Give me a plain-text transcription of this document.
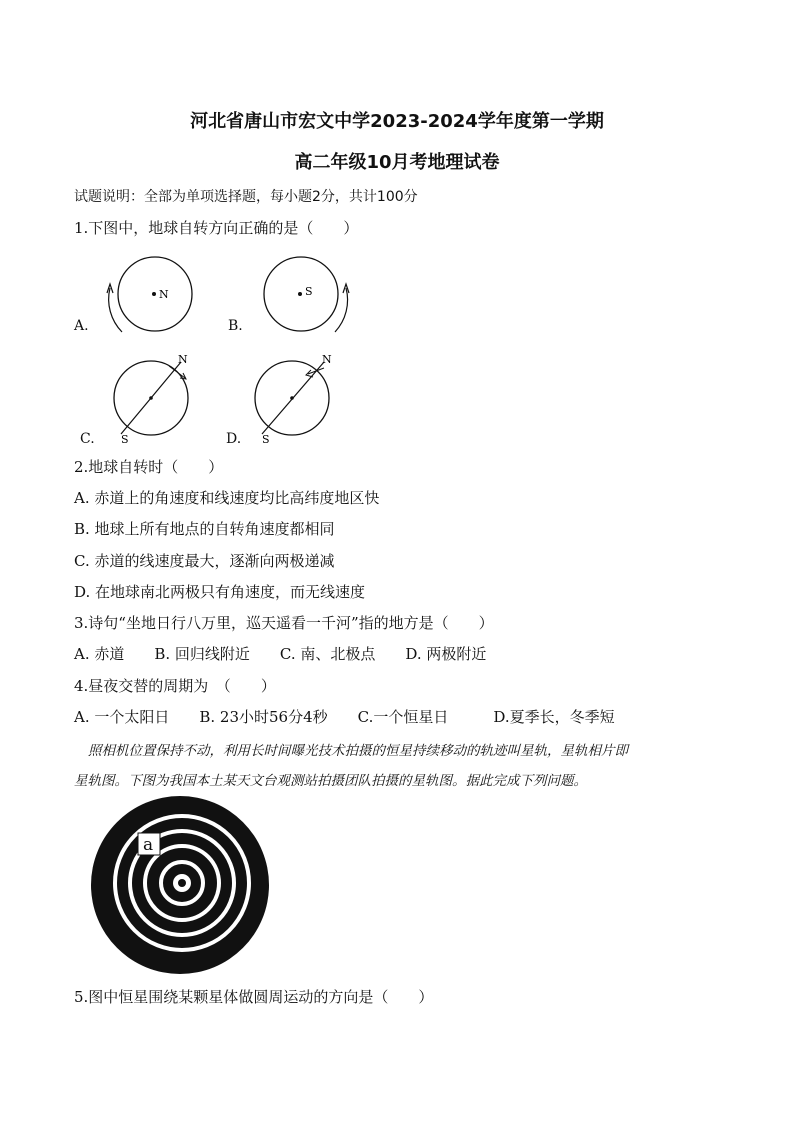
河北省唐山市宏文中学2023-2024学年度第一学期
高二年级10月考地理试卷
试题说明：全部为单项选择题，每小题2分，共计100分
1.下图中，地球自转方向正确的是（　　）
A.	B.
C.	D.
N	S
N
S
N
S
2.地球自转时（　　）
A. 赤道上的角速度和线速度均比高纬度地区快
B. 地球上所有地点的自转角速度都相同
C. 赤道的线速度最大，逐渐向两极递减
D. 在地球南北两极只有角速度，而无线速度
3.诗句“坐地日行八万里，巡天遥看一千河”指的地方是（　　）
A. 赤道　　B. 回归线附近　　C. 南、北极点　　D. 两极附近
4.昼夜交替的周期为　（　　）
A. 一个太阳日　　B. 23小时56分4秒　　C.一个恒星日　　　D.夏季长，冬季短
照相机位置保持不动，利用长时间曝光技术拍摄的恒星持续移动的轨迹叫星轨，星轨相片即
星轨图。下图为我国本土某天文台观测站拍摄团队拍摄的星轨图。据此完成下列问题。
a
5.图中恒星围绕某颗星体做圆周运动的方向是（　　）
